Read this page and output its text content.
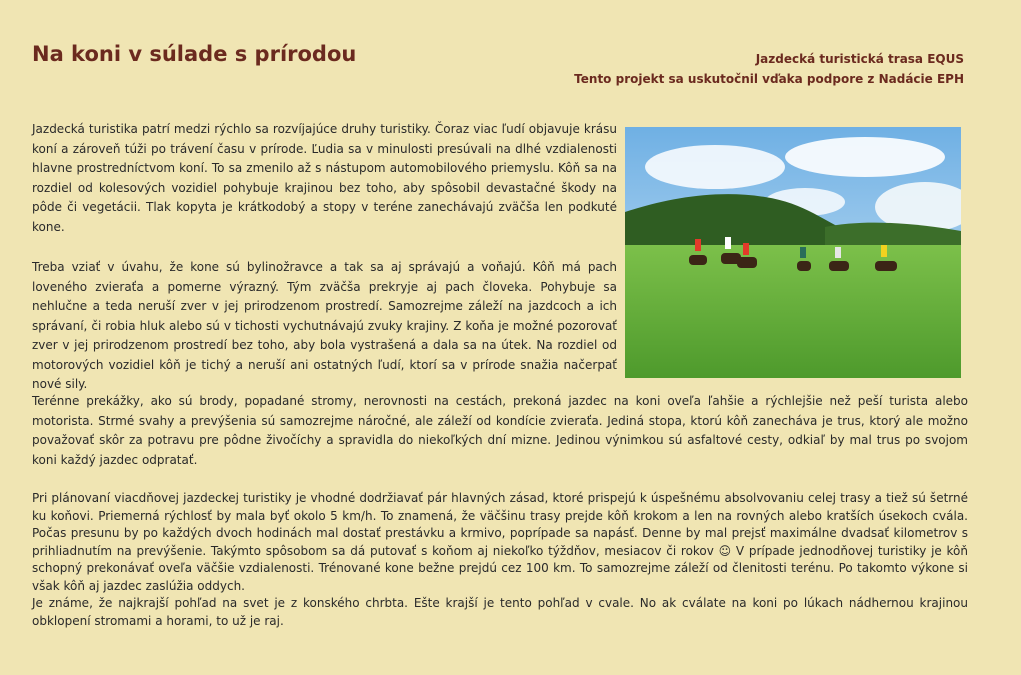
Na koni v súlade s prírodou	Jazdecká turistická trasa EQUS
Tento projekt sa uskutočnil vďaka podpore z Nadácie EPH
Jazdecká turistika patrí medzi rýchlo sa rozvíjajúce druhy turistiky. Čoraz viac ľudí objavuje krásu koní a zároveň túži po trávení času v prírode. Ľudia sa v minulosti presúvali na dlhé vzdialenosti hlavne prostredníctvom koní. To sa zmenilo až s nástupom automobilového priemyslu. Kôň sa na rozdiel od kolesových vozidiel pohybuje krajinou bez toho, aby spôsobil devastačné škody na pôde či vegetácii. Tlak kopyta je krátkodobý a stopy v teréne zanechávajú zväčša len podkuté kone.
Treba vziať v úvahu, že kone sú bylinožravce a tak sa aj správajú a voňajú. Kôň má pach loveného zvieraťa a pomerne výrazný. Tým zväčša prekryje aj pach človeka. Pohybuje sa nehlučne a teda neruší zver v jej prirodzenom prostredí. Samozrejme záleží na jazdcoch a ich správaní, či robia hluk alebo sú v tichosti vychutnávajú zvuky krajiny. Z koňa je možné pozorovať zver v jej prirodzenom prostredí bez toho, aby bola vystrašená a dala sa na útek. Na rozdiel od motorových vozidiel kôň je tichý a neruší ani ostatných ľudí, ktorí sa v prírode snažia načerpať nové sily.
Terénne prekážky, ako sú brody, popadané stromy, nerovnosti na cestách, prekoná jazdec na koni oveľa ľahšie a rýchlejšie než peší turista alebo motorista. Strmé svahy a prevýšenia sú samozrejme náročné, ale záleží od kondície zvieraťa. Jediná stopa, ktorú kôň zanecháva je trus, ktorý ale možno považovať skôr za potravu pre pôdne živočíchy a spravidla do niekoľkých dní mizne. Jedinou výnimkou sú asfaltové cesty, odkiaľ by mal trus po svojom koni každý jazdec odpratať.
Pri plánovaní viacdňovej jazdeckej turistiky je vhodné dodržiavať pár hlavných zásad, ktoré prispejú k úspešnému absolvovaniu celej trasy a tiež sú šetrné ku koňovi. Priemerná rýchlosť by mala byť okolo 5 km/h. To znamená, že väčšinu trasy prejde kôň krokom a len na rovných alebo kratších úsekoch cvála. Počas presunu by po každých dvoch hodinách mal dostať prestávku a krmivo, poprípade sa napásť. Denne by mal prejsť maximálne dvadsať kilometrov s prihliadnutím na prevýšenie. Takýmto spôsobom sa dá putovať s koňom aj niekoľko týždňov, mesiacov či rokov ☺ V prípade jednodňovej turistiky je kôň schopný prekonávať oveľa väčšie vzdialenosti. Trénované kone bežne prejdú cez 100 km. To samozrejme záleží od členitosti terénu. Po takomto výkone si však kôň aj jazdec zaslúžia oddych.
Je známe, že najkrajší pohľad na svet je z konského chrbta. Ešte krajší je tento pohľad v cvale. No ak cválate na koni po lúkach nádhernou krajinou obklopení stromami a horami, to už je raj.
